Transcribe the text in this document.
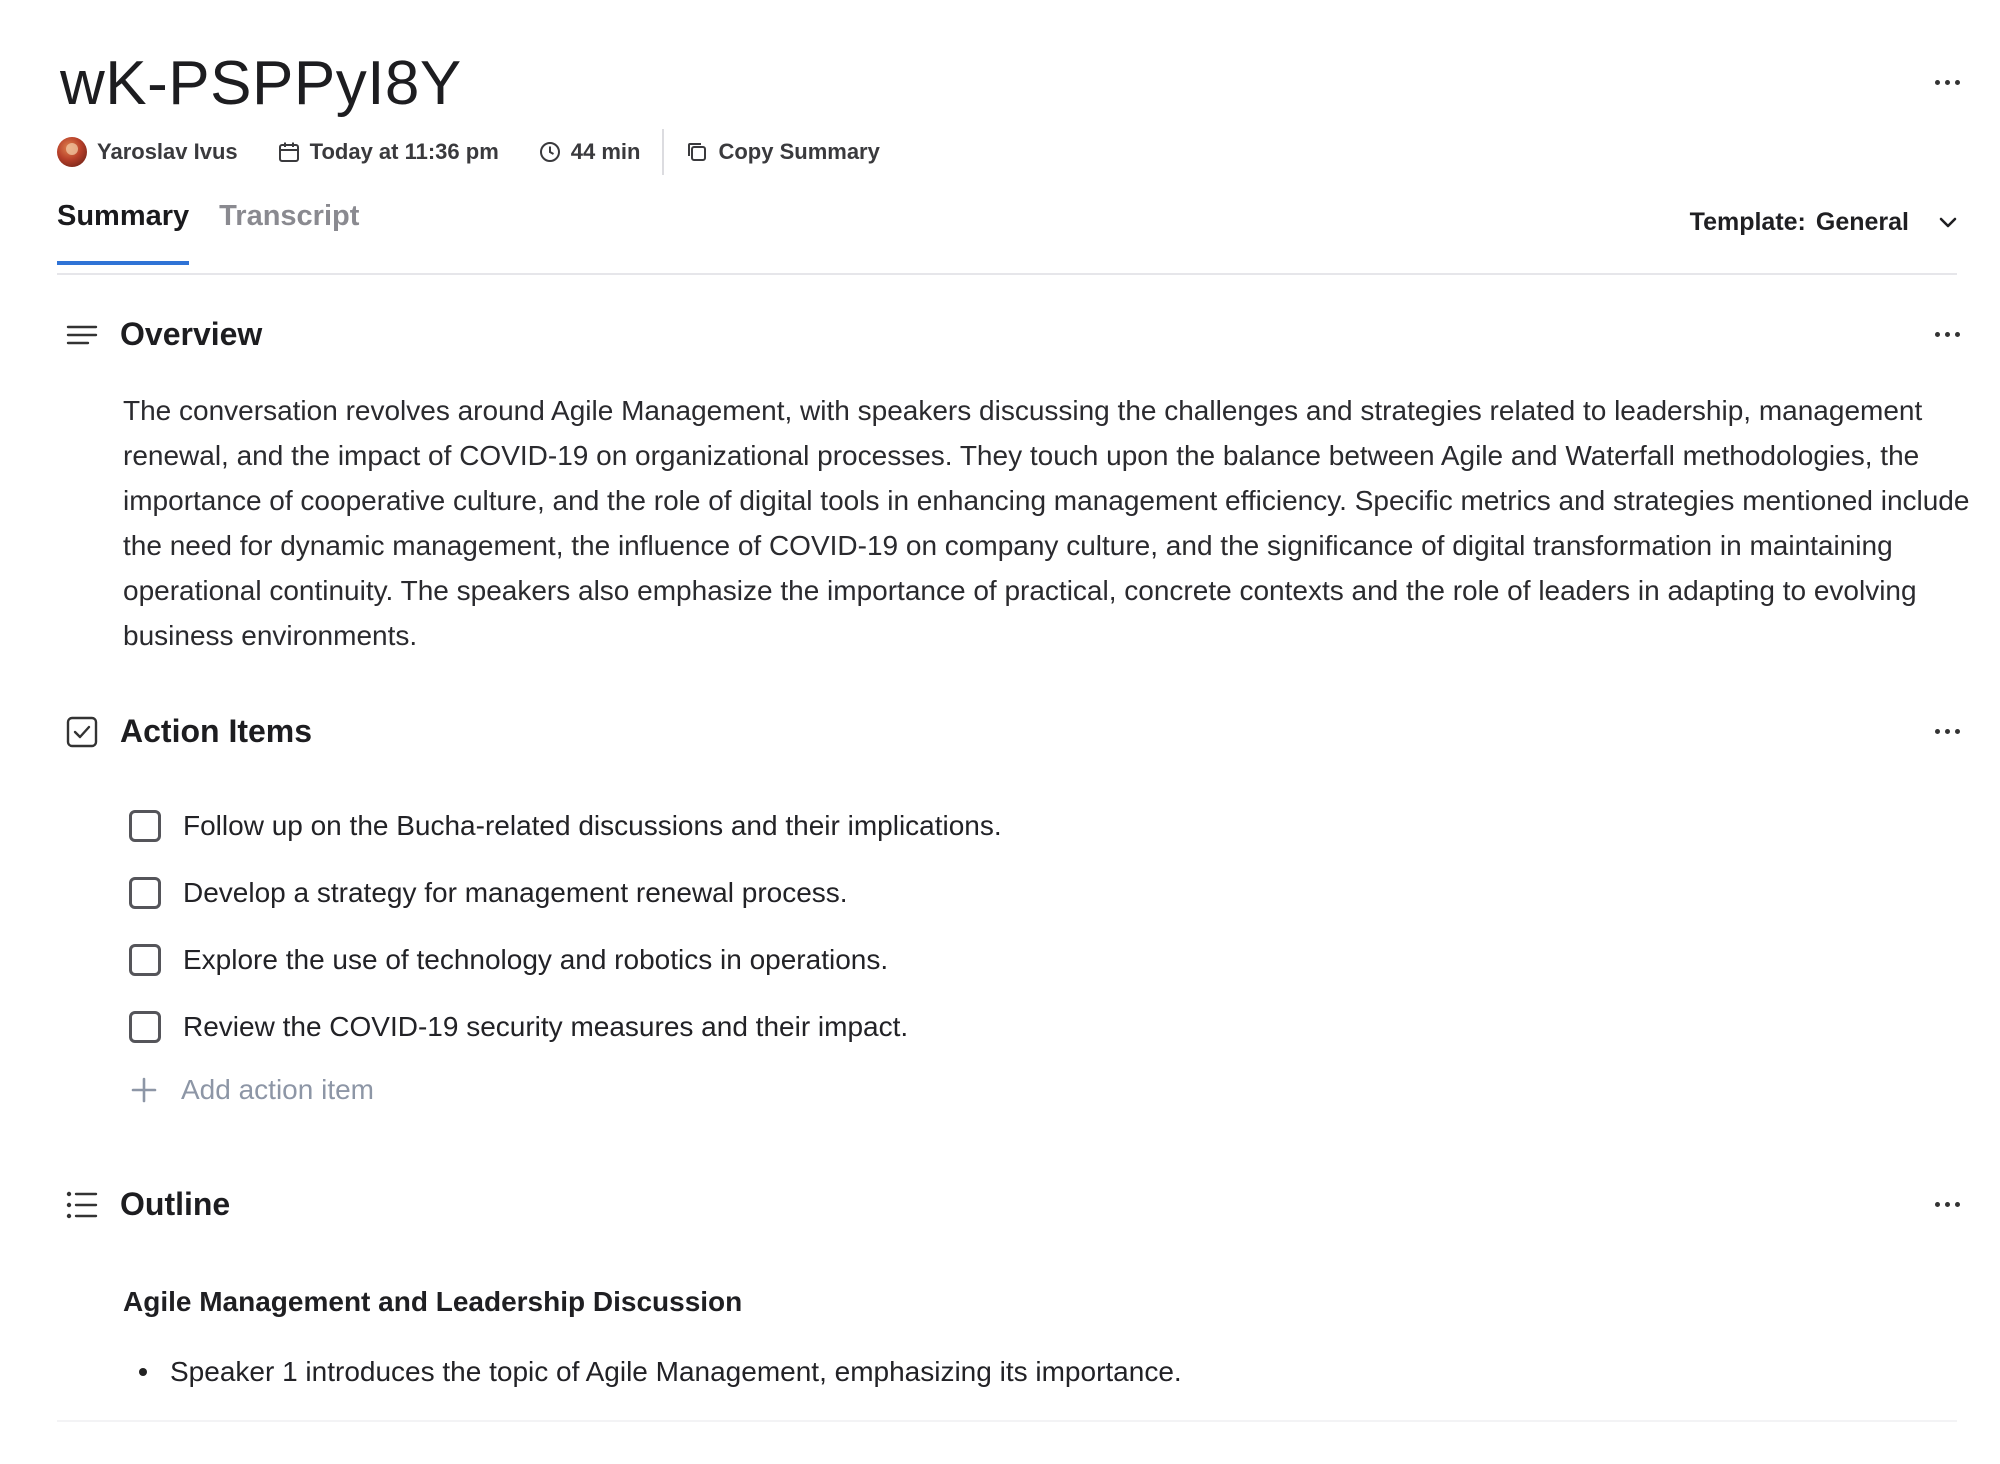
wK-PSPPyI8Y
Yaroslav Ivus	Today at 11:36 pm	44 min	Copy Summary
Summary Transcript	Template: General
Overview
The conversation revolves around Agile Management, with speakers discussing the challenges and strategies related to leadership, management renewal, and the impact of COVID-19 on organizational processes. They touch upon the balance between Agile and Waterfall methodologies, the importance of cooperative culture, and the role of digital tools in enhancing management efficiency. Specific metrics and strategies mentioned include the need for dynamic management, the influence of COVID-19 on company culture, and the significance of digital transformation in maintaining operational continuity. The speakers also emphasize the importance of practical, concrete contexts and the role of leaders in adapting to evolving business environments.
Action Items
Follow up on the Bucha-related discussions and their implications.
Develop a strategy for management renewal process.
Explore the use of technology and robotics in operations.
Review the COVID-19 security measures and their impact.
Add action item
Outline
Agile Management and Leadership Discussion
Speaker 1 introduces the topic of Agile Management, emphasizing its importance.
